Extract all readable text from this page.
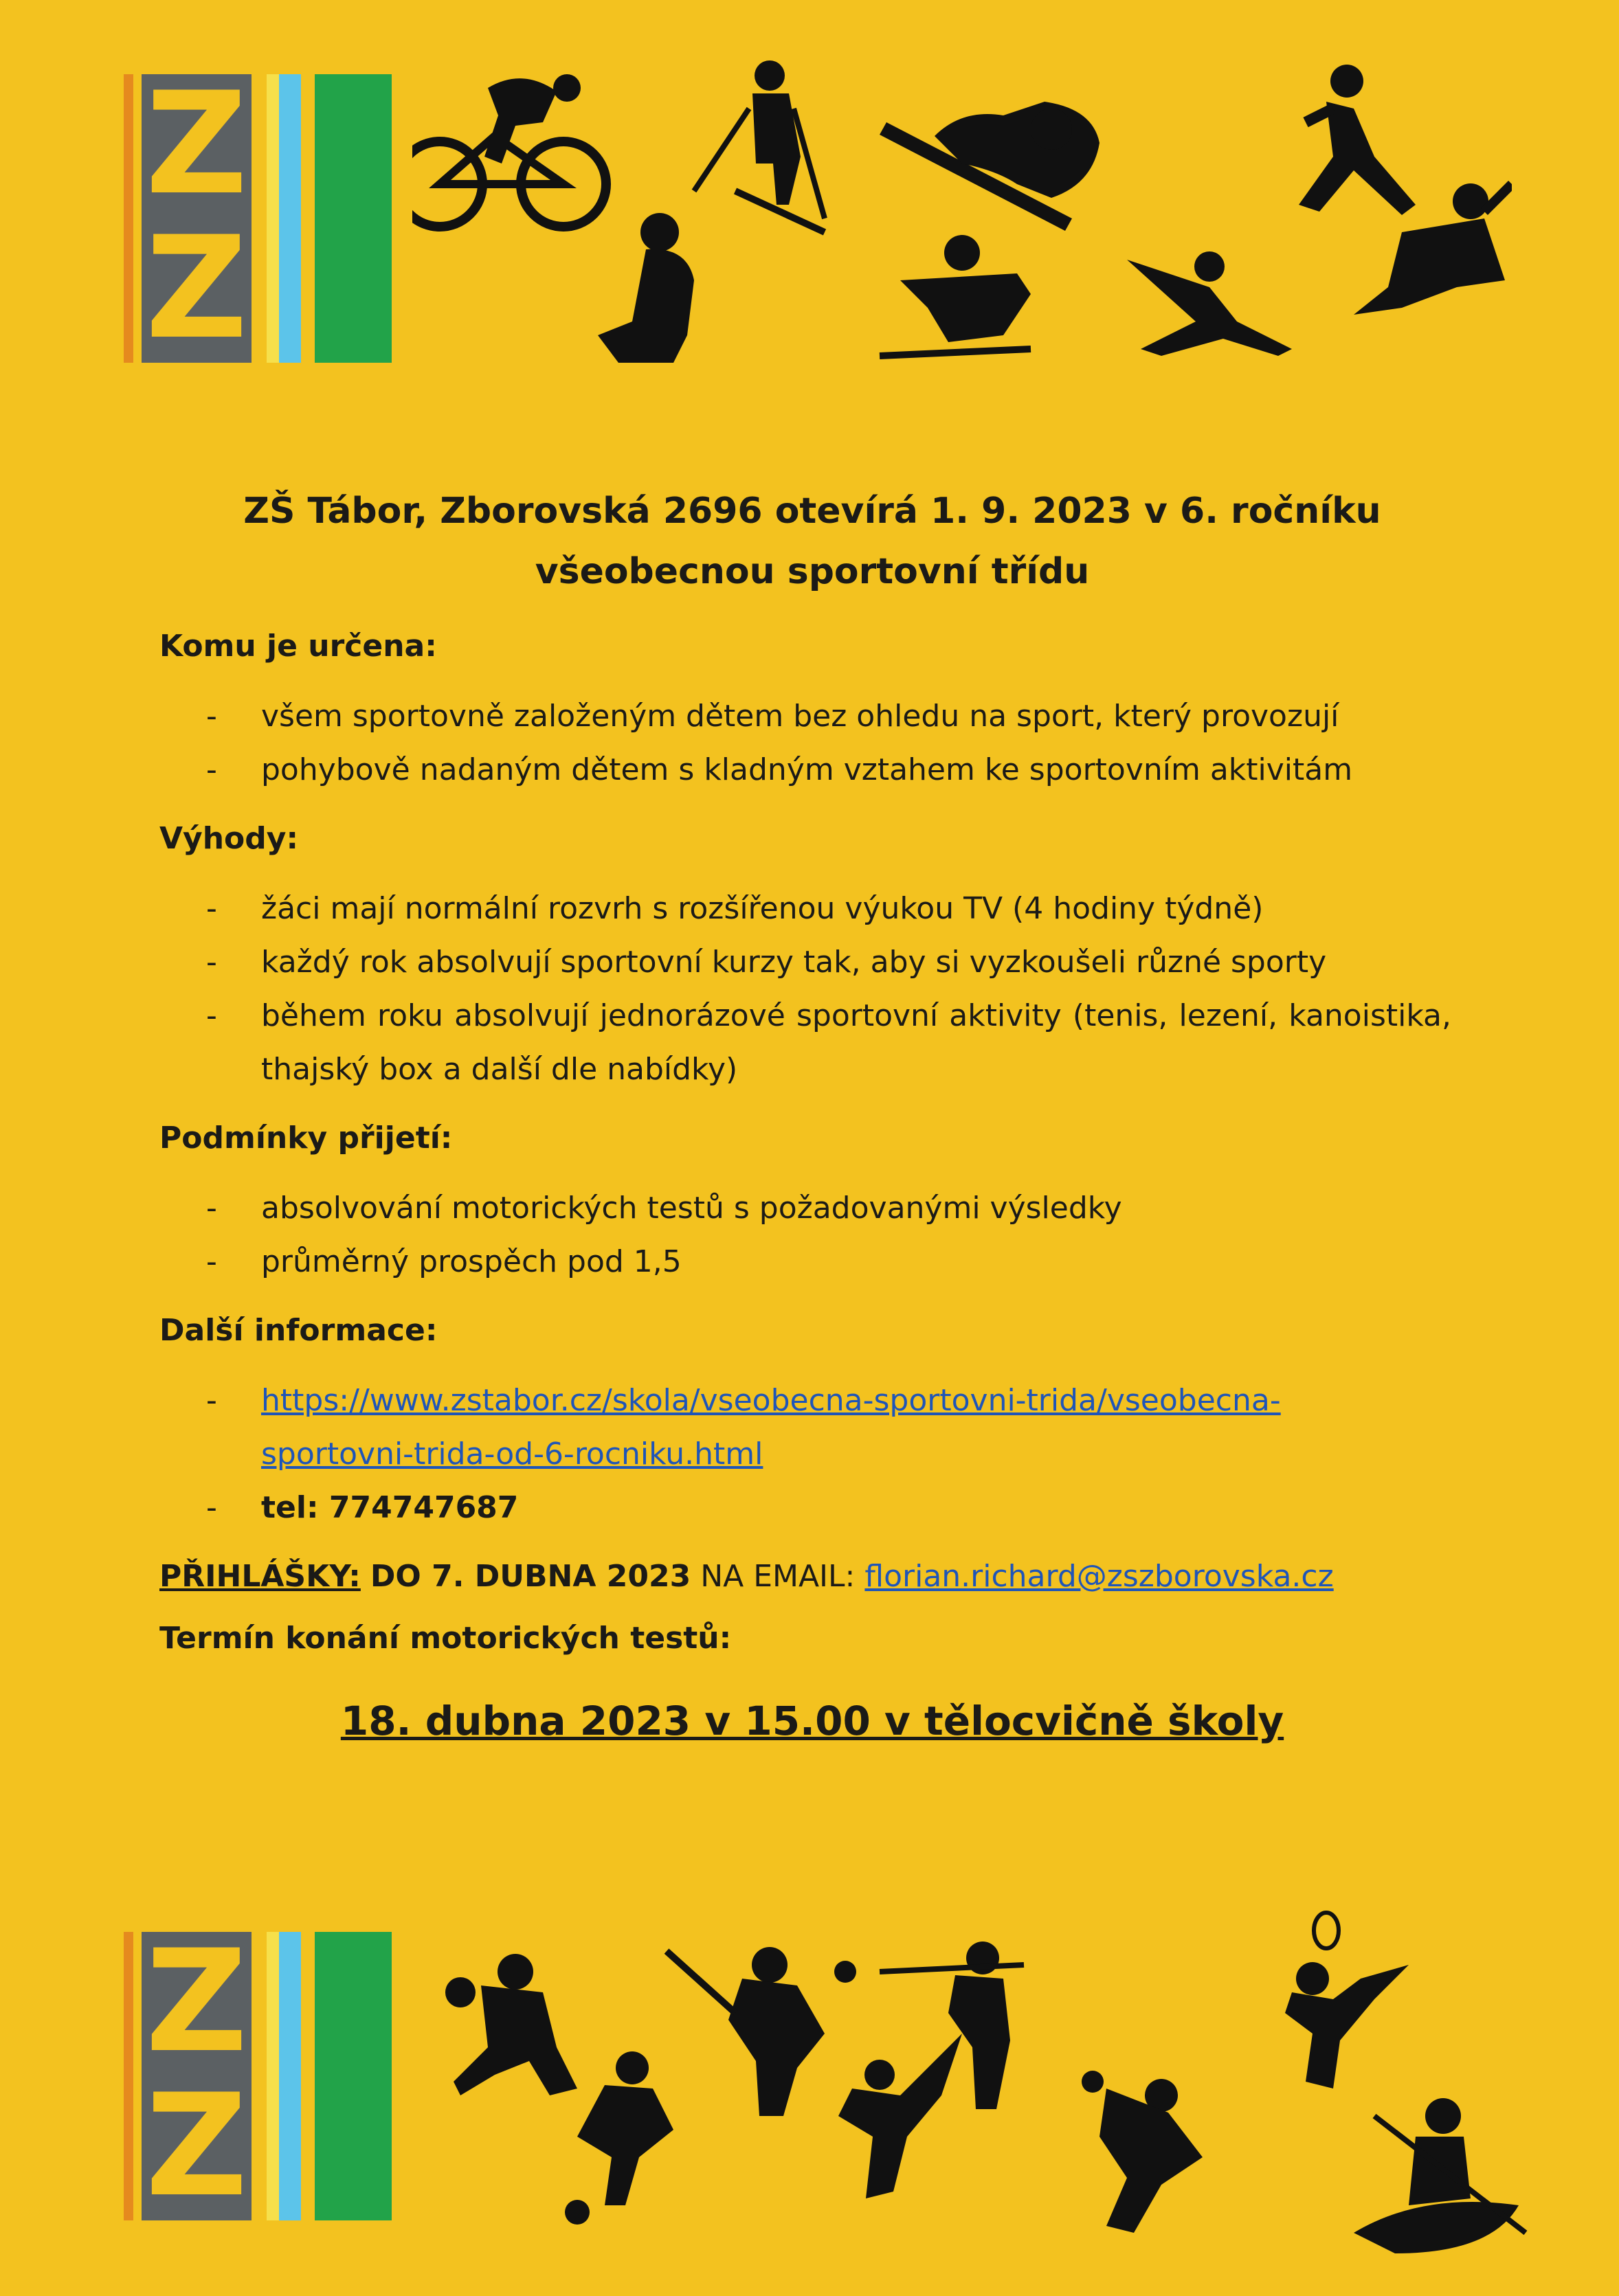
Z
Z
ZŠ Tábor, Zborovská 2696 otevírá 1. 9. 2023 v 6. ročníku
všeobecnou sportovní třídu
Komu je určena:
- všem sportovně založeným dětem bez ohledu na sport, který provozují
- pohybově nadaným dětem s kladným vztahem ke sportovním aktivitám
Výhody:
- žáci mají normální rozvrh s rozšířenou výukou TV (4 hodiny týdně)
- každý rok absolvují sportovní kurzy tak, aby si vyzkoušeli různé sporty
- během roku absolvují jednorázové sportovní aktivity (tenis, lezení, kanoistika, thajský box a další dle nabídky)
Podmínky přijetí:
- absolvování motorických testů s požadovanými výsledky
- průměrný prospěch pod 1,5
Další informace:
- https://www.zstabor.cz/skola/vseobecna-sportovni-trida/vseobecna-
sportovni-trida-od-6-rocniku.html
- tel: 774747687
PŘIHLÁŠKY: DO 7. DUBNA 2023 NA EMAIL: florian.richard@zszborovska.cz
Termín konání motorických testů:
18. dubna 2023 v 15.00 v tělocvičně školy
Z
Z
